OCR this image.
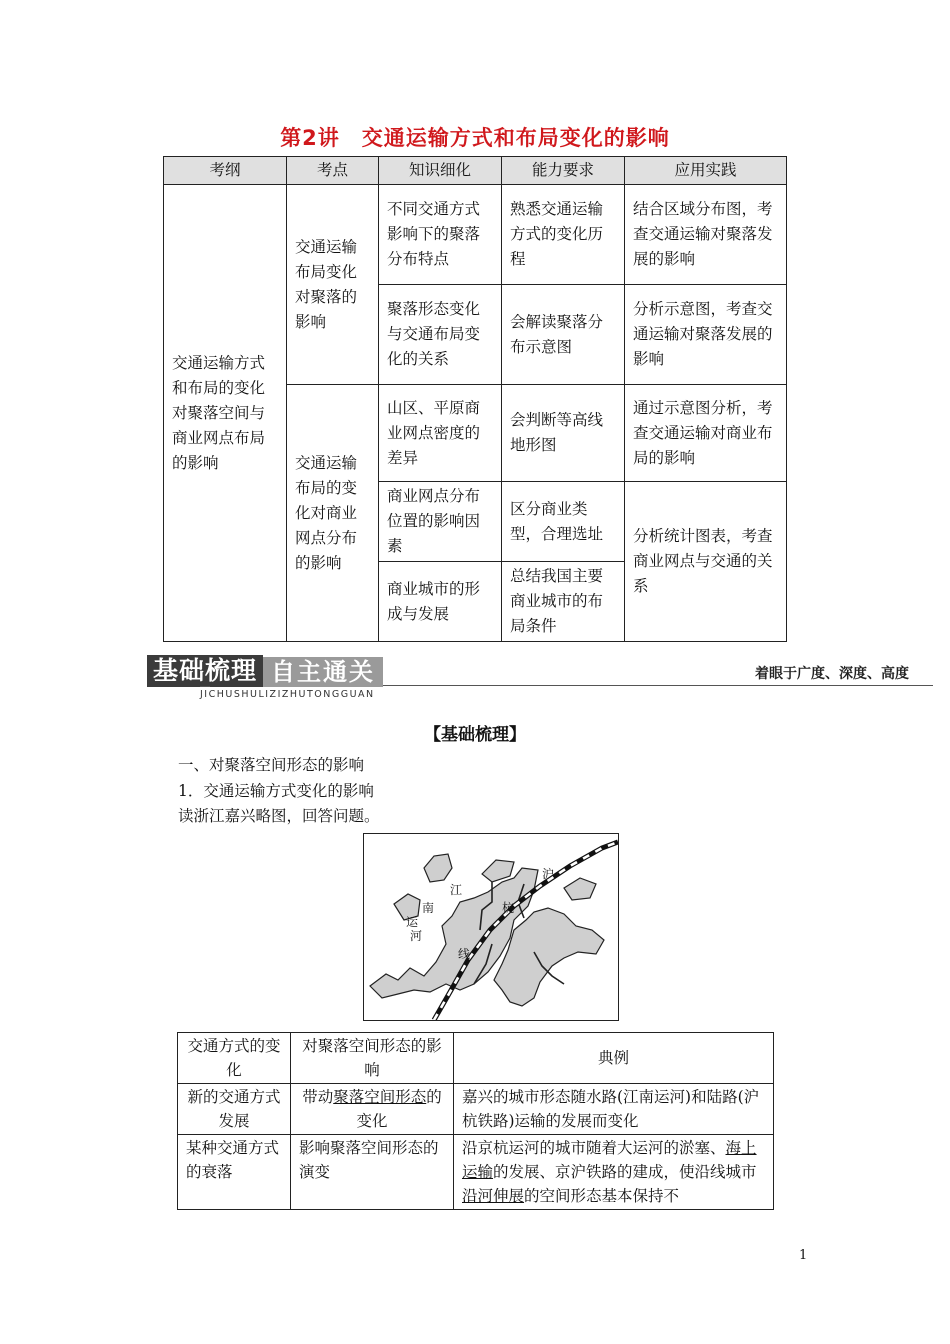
第2讲　交通运输方式和布局变化的影响
考纲	考点	知识细化	能力要求	应用实践
交通运输方式和布局的变化对聚落空间与商业网点布局的影响	交通运输布局变化对聚落的影响	不同交通方式影响下的聚落分布特点	熟悉交通运输方式的变化历程	结合区域分布图，考查交通运输对聚落发展的影响
		聚落形态变化与交通布局变化的关系	会解读聚落分布示意图	分析示意图，考查交通运输对聚落发展的影响
	交通运输布局的变化对商业网点分布的影响	山区、平原商业网点密度的差异	会判断等高线地形图	通过示意图分析，考查交通运输对商业布局的影响
		商业网点分布位置的影响因素	区分商业类型，合理选址	分析统计图表，考查商业网点与交通的关系
		商业城市的形成与发展	总结我国主要商业城市的布局条件	
基础梳理 自主通关
JICHUSHULIZIZHUTONGGUAN
着眼于广度、深度、高度
【基础梳理】
一、对聚落空间形态的影响
1．交通运输方式变化的影响
读浙江嘉兴略图，回答问题。
江
南
运
河
沪
杭
线
交通方式的变化	对聚落空间形态的影响	典例
新的交通方式发展	带动聚落空间形态的变化	嘉兴的城市形态随水路(江南运河)和陆路(沪杭铁路)运输的发展而变化
某种交通方式的衰落	影响聚落空间形态的演变	沿京杭运河的城市随着大运河的淤塞、海上运输的发展、京沪铁路的建成，使沿线城市沿河伸展的空间形态基本保持不
1
